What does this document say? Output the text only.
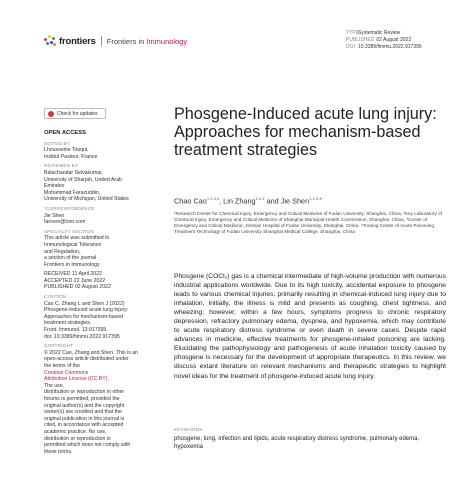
frontiers Frontiers in Immunology
TYPESystematic Review
PUBLISHED 02 August 2022
DOI 10.3389/fimmu.2022.917395
Check for updates
OPEN ACCESS
EDITED BY
Lhousseine Touqui,
Institut Pasteur, France
REVIEWED BY
Balachandar Selvakumar,
University of Sharjah, United Arab
Emirates
Mohammad Farazuddin,
University of Michigan, United States
*CORRESPONDENCE
Jie Shen
farosre@tom.com
SPECIALTY SECTION
This article was submitted to
Immunological Tolerance
and Regulation,
a section of the journal
Frontiers in Immunology
RECEIVED 11 April 2022
ACCEPTED 22 June 2022
PUBLISHED 02 August 2022
CITATION
Cao C, Zhang L and Shen J (2022)
Phosgene-Induced acute lung injury:
Approaches for mechanism-based
treatment strategies.
Front. Immunol. 13:917395.
doi: 10.3389/fimmu.2022.917395
COPYRIGHT
© 2022 Cao, Zhang and Shen. This is an
open-access article distributed under
the terms of the
Creative Commons
Attribution License (CC BY).
The use,
distribution or reproduction in other
forums is permitted, provided the
original author(s) and the copyright
owner(s) are credited and that the
original publication in this journal is
cited, in accordance with accepted
academic practice. No use,
distribution or reproduction is
permitted which does not comply with
these terms.
Phosgene-Induced acute lung injury: Approaches for mechanism-based treatment strategies
Chao Cao$^{1,2,3,4}$, Lin Zhang$^{1,2,3}$ and Jie Shen$^{1,2,3,4*}$

¹Research Center for Chemical Injury, Emergency and Critical Medicine of Fudan University, Shanghai, China, ²Key Laboratory of Chemical Injury, Emergency and Critical Medicine of Shanghai Municipal Health Commission, Shanghai, China, ³Center of Emergency and Critical Medicine, Jinshan Hospital of Fudan University, Shanghai, China, ⁴Traning Center of Acute Poisoning Treatment Technology of Fudan University Shanghai Medical College, Shanghai, China

Phosgene (COCl₂) gas is a chemical intermediate of high-volume production with numerous industrial applications worldwide. Due to its high toxicity, accidental exposure to phosgene leads to various chemical injuries, primarily resulting in chemical-induced lung injury due to inhalation. Initially, the illness is mild and presents as coughing, chest tightness, and wheezing; however, within a few hours, symptoms progress to chronic respiratory depression, refractory pulmonary edema, dyspnea, and hypoxemia, which may contribute to acute respiratory distress syndrome or even death in severe cases. Despite rapid advances in medicine, effective treatments for phosgene-inhaled poisoning are lacking. Elucidating the pathophysiology and pathogenesis of acute inhalation toxicity caused by phosgene is necessary for the development of appropriate therapeutics. In this review, we discuss extant literature on relevant mechanisms and therapeutic strategies to highlight novel ideas for the treatment of phosgene-induced acute lung injury.

KEYWORDS

phosgene, lung, infection and lipids, acute respiratory distress syndrome, pulmonary edema, hypoxemia
